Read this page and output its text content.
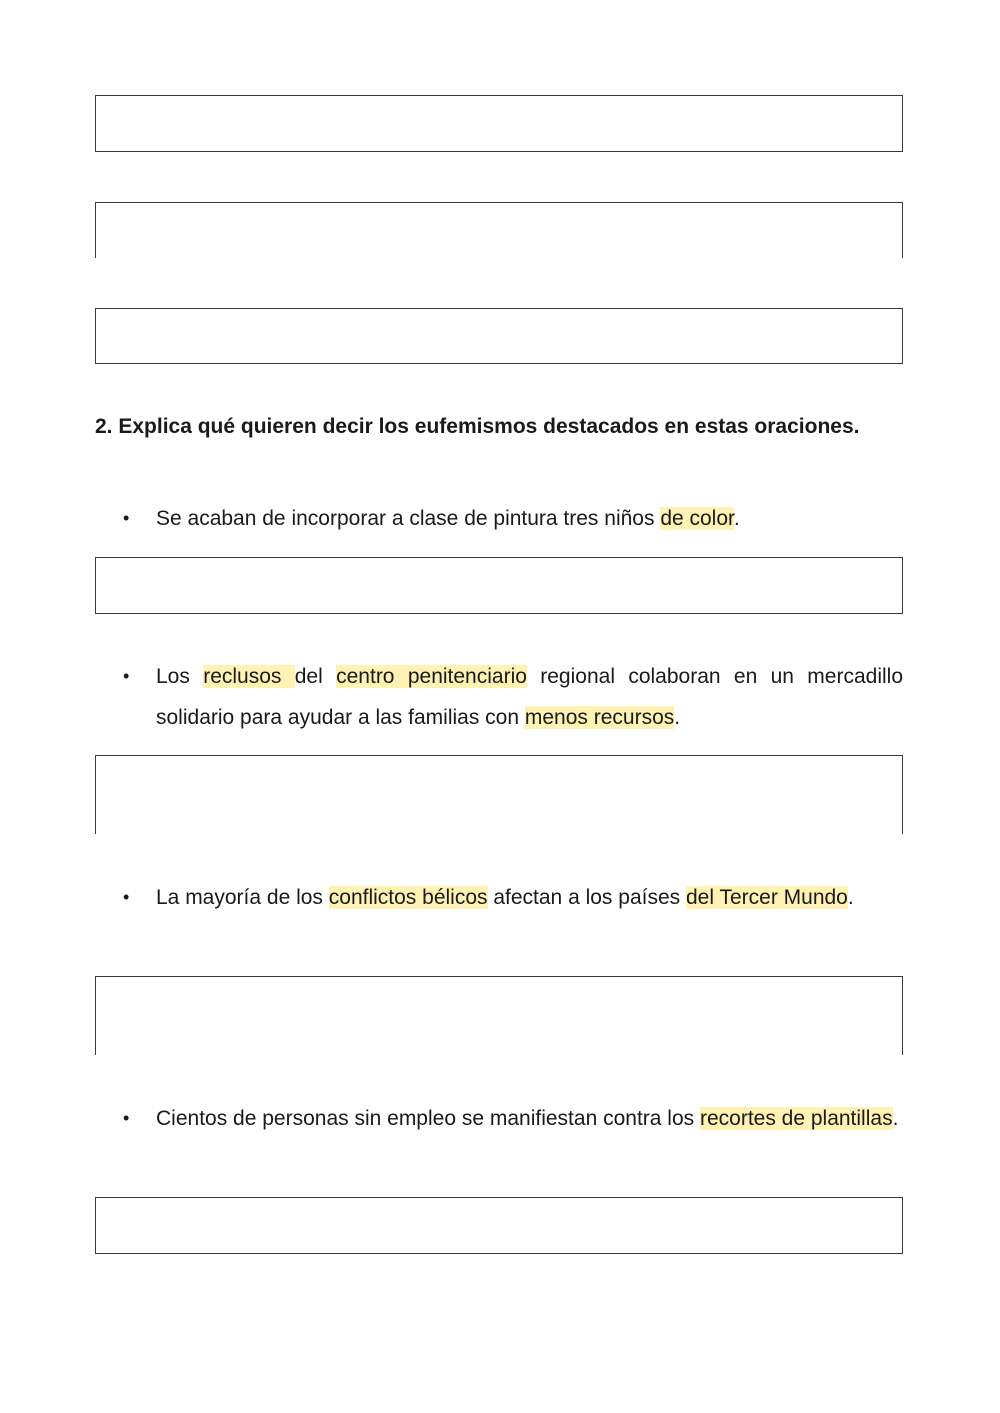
2. Explica qué quieren decir los eufemismos destacados en estas oraciones.

• Se acaban de incorporar a clase de pintura tres niños de color.

• Los reclusos del centro penitenciario regional colaboran en un mercadillo solidario para ayudar a las familias con menos recursos.

• La mayoría de los conflictos bélicos afectan a los países del Tercer Mundo.

• Cientos de personas sin empleo se manifiestan contra los recortes de plantillas.
